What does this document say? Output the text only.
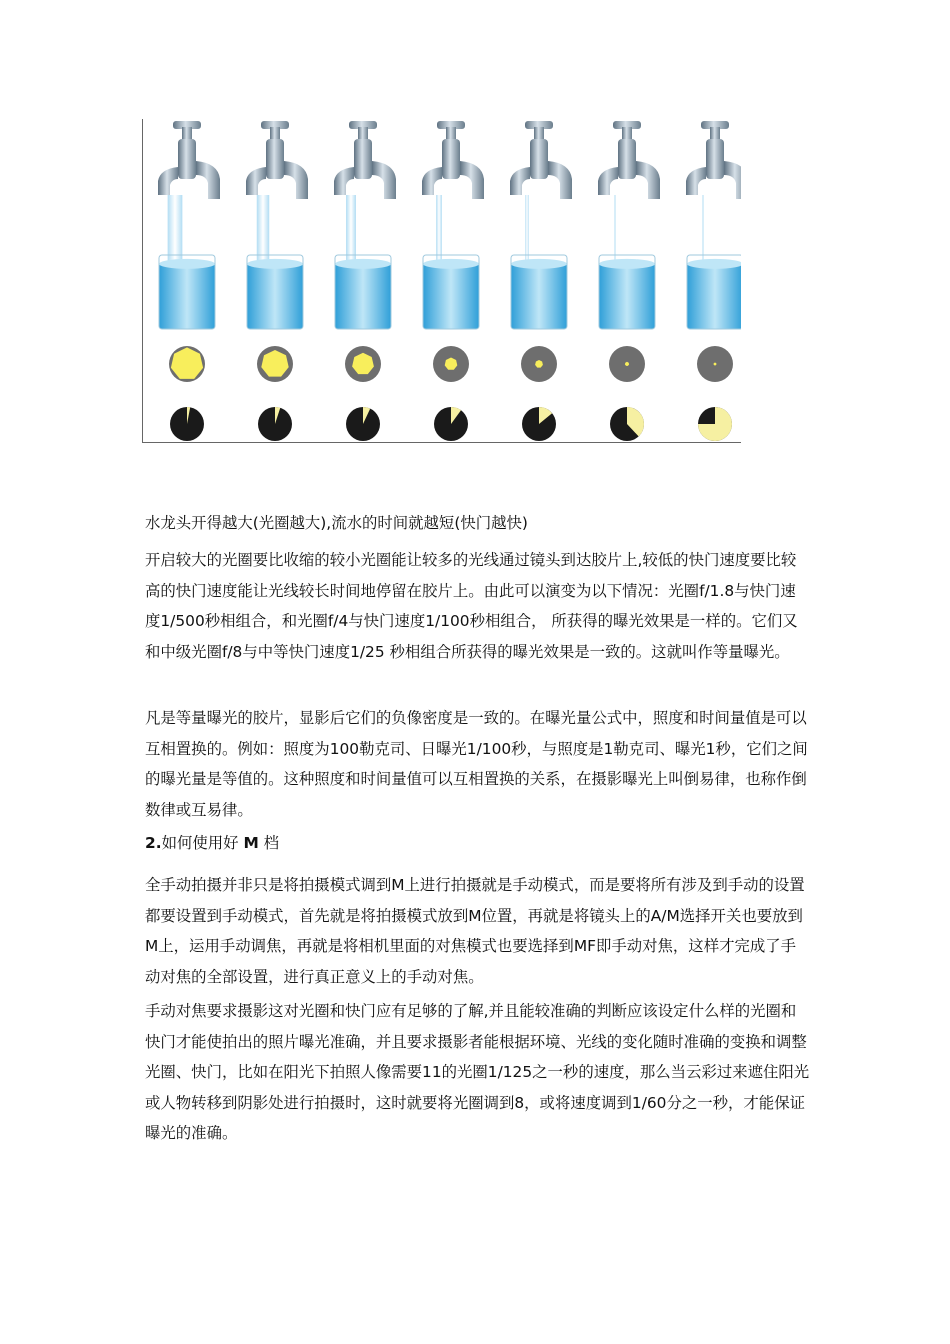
水龙头开得越大(光圈越大),流水的时间就越短(快门越快)

开启较大的光圈要比收缩的较小光圈能让较多的光线通过镜头到达胶片上,较低的快门速度要比较高的快门速度能让光线较长时间地停留在胶片上。由此可以演变为以下情况：光圈f/1.8与快门速度1/500秒相组合，和光圈f/4与快门速度1/100秒相组合， 所获得的曝光效果是一样的。它们又和中级光圈f/8与中等快门速度1/25 秒相组合所获得的曝光效果是一致的。这就叫作等量曝光。

凡是等量曝光的胶片，显影后它们的负像密度是一致的。在曝光量公式中，照度和时间量值是可以互相置换的。例如：照度为100勒克司、日曝光1/100秒，与照度是1勒克司、曝光1秒，它们之间的曝光量是等值的。这种照度和时间量值可以互相置换的关系，在摄影曝光上叫倒易律，也称作倒数律或互易律。

2.如何使用好 M 档

全手动拍摄并非只是将拍摄模式调到M上进行拍摄就是手动模式，而是要将所有涉及到手动的设置都要设置到手动模式，首先就是将拍摄模式放到M位置，再就是将镜头上的A/M选择开关也要放到M上，运用手动调焦，再就是将相机里面的对焦模式也要选择到MF即手动对焦，这样才完成了手动对焦的全部设置，进行真正意义上的手动对焦。

手动对焦要求摄影这对光圈和快门应有足够的了解,并且能较准确的判断应该设定什么样的光圈和快门才能使拍出的照片曝光准确，并且要求摄影者能根据环境、光线的变化随时准确的变换和调整光圈、快门，比如在阳光下拍照人像需要11的光圈1/125之一秒的速度，那么当云彩过来遮住阳光或人物转移到阴影处进行拍摄时，这时就要将光圈调到8，或将速度调到1/60分之一秒，才能保证曝光的准确。
